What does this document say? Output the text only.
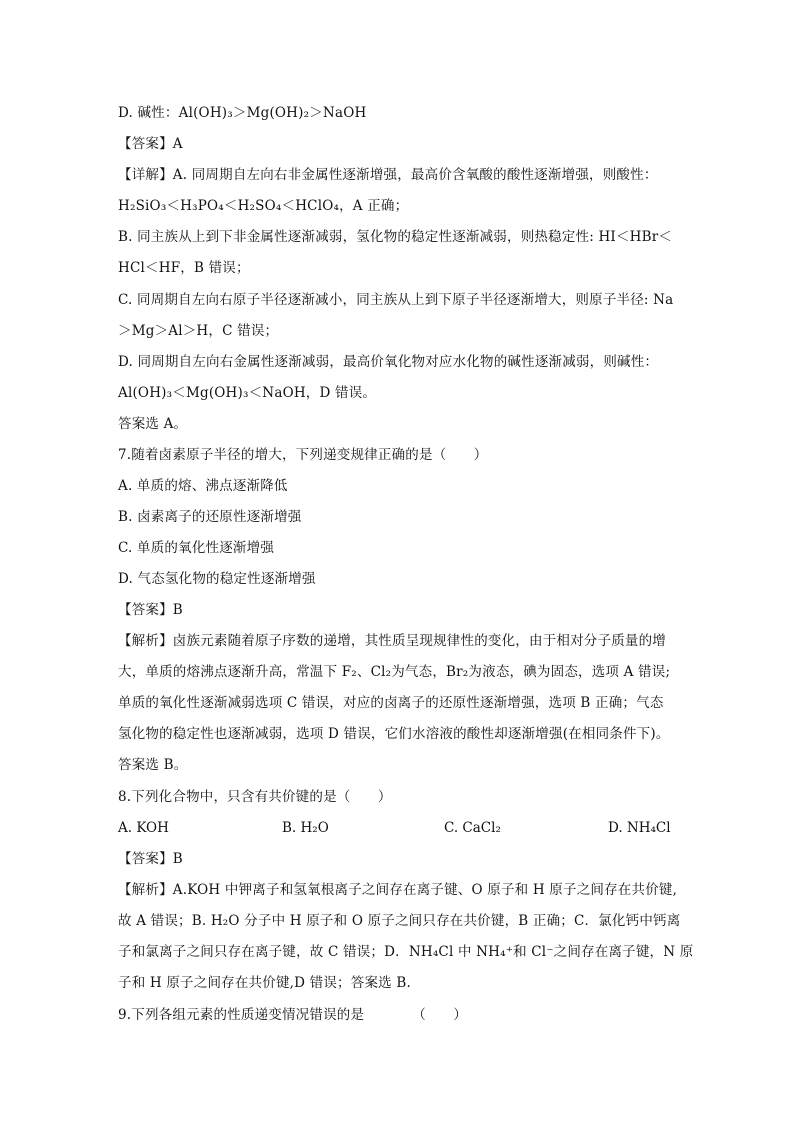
D. 碱性：Al(OH)₃＞Mg(OH)₂＞NaOH
【答案】A
【详解】A. 同周期自左向右非金属性逐渐增强，最高价含氧酸的酸性逐渐增强，则酸性：
H₂SiO₃＜H₃PO₄＜H₂SO₄＜HClO₄，A 正确；
B. 同主族从上到下非金属性逐渐减弱，氢化物的稳定性逐渐减弱，则热稳定性: HI＜HBr＜
HCl＜HF，B 错误；
C. 同周期自左向右原子半径逐渐减小，同主族从上到下原子半径逐渐增大，则原子半径: Na
＞Mg＞Al＞H，C 错误；
D. 同周期自左向右金属性逐渐减弱，最高价氧化物对应水化物的碱性逐渐减弱，则碱性：
Al(OH)₃＜Mg(OH)₃＜NaOH，D 错误。
答案选 A。
7.随着卤素原子半径的增大，下列递变规律正确的是（　　）
A. 单质的熔、沸点逐渐降低
B. 卤素离子的还原性逐渐增强
C. 单质的氧化性逐渐增强
D. 气态氢化物的稳定性逐渐增强
【答案】B
【解析】卤族元素随着原子序数的递增，其性质呈现规律性的变化，由于相对分子质量的增
大，单质的熔沸点逐渐升高，常温下 F₂、Cl₂为气态，Br₂为液态，碘为固态，选项 A 错误;
单质的氧化性逐渐减弱选项 C 错误，对应的卤离子的还原性逐渐增强，选项 B 正确；气态
氢化物的稳定性也逐渐减弱，选项 D 错误，它们水溶液的酸性却逐渐增强(在相同条件下)。
答案选 B。
8.下列化合物中，只含有共价键的是（　　）
A. KOH	B. H₂O	C. CaCl₂	D. NH₄Cl
【答案】B
【解析】A.KOH 中钾离子和氢氧根离子之间存在离子键、O 原子和 H 原子之间存在共价键,
故 A 错误；B. H₂O 分子中 H 原子和 O 原子之间只存在共价键，B 正确；C．氯化钙中钙离
子和氯离子之间只存在离子键，故 C 错误；D．NH₄Cl 中 NH₄⁺和 Cl⁻之间存在离子键，N 原
子和 H 原子之间存在共价键,D 错误；答案选 B.
9.下列各组元素的性质递变情况错误的是　　　　（　　）
